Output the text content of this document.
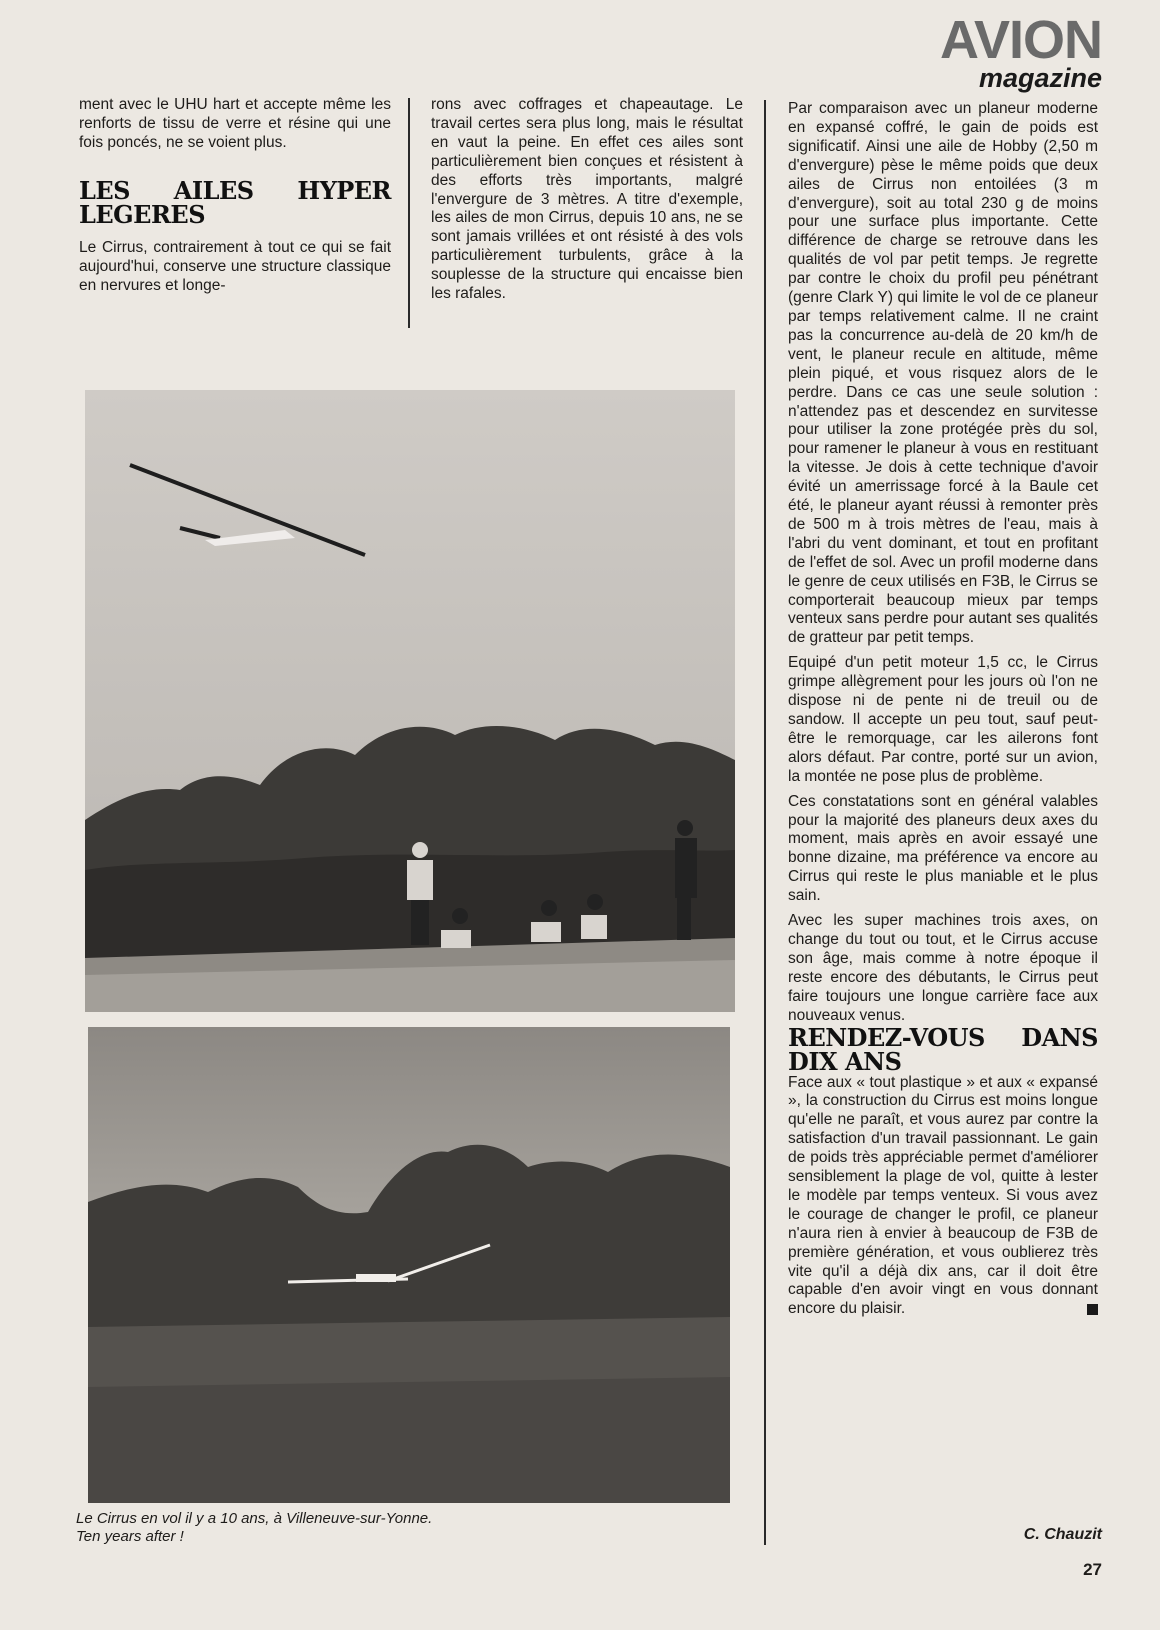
AVION
magazine

ment avec le UHU hart et accepte même les renforts de tissu de verre et résine qui une fois poncés, ne se voient plus.

LES AILES HYPER LEGERES

Le Cirrus, contrairement à tout ce qui se fait aujourd'hui, conserve une structure classique en nervures et longe-

rons avec coffrages et chapeautage. Le travail certes sera plus long, mais le résultat en vaut la peine. En effet ces ailes sont particulièrement bien conçues et résistent à des efforts très importants, malgré l'envergure de 3 mètres. A titre d'exemple, les ailes de mon Cirrus, depuis 10 ans, ne se sont jamais vrillées et ont résisté à des vols particulièrement turbulents, grâce à la souplesse de la structure qui encaisse bien les rafales.

Par comparaison avec un planeur moderne en expansé coffré, le gain de poids est significatif. Ainsi une aile de Hobby (2,50 m d'envergure) pèse le même poids que deux ailes de Cirrus non entoilées (3 m d'envergure), soit au total 230 g de moins pour une surface plus importante. Cette différence de charge se retrouve dans les qualités de vol par petit temps. Je regrette par contre le choix du profil peu pénétrant (genre Clark Y) qui limite le vol de ce planeur par temps relativement calme. Il ne craint pas la concurrence au-delà de 20 km/h de vent, le planeur recule en altitude, même plein piqué, et vous risquez alors de le perdre. Dans ce cas une seule solution : n'attendez pas et descendez en survitesse pour utiliser la zone protégée près du sol, pour ramener le planeur à vous en restituant la vitesse. Je dois à cette technique d'avoir évité un amerrissage forcé à la Baule cet été, le planeur ayant réussi à remonter près de 500 m à trois mètres de l'eau, mais à l'abri du vent dominant, et tout en profitant de l'effet de sol. Avec un profil moderne dans le genre de ceux utilisés en F3B, le Cirrus se comporterait beaucoup mieux par temps venteux sans perdre pour autant ses qualités de gratteur par petit temps.

Equipé d'un petit moteur 1,5 cc, le Cirrus grimpe allègrement pour les jours où l'on ne dispose ni de pente ni de treuil ou de sandow. Il accepte un peu tout, sauf peut-être le remorquage, car les ailerons font alors défaut. Par contre, porté sur un avion, la montée ne pose plus de problème.

Ces constatations sont en général valables pour la majorité des planeurs deux axes du moment, mais après en avoir essayé une bonne dizaine, ma préférence va encore au Cirrus qui reste le plus maniable et le plus sain.

Avec les super machines trois axes, on change du tout ou tout, et le Cirrus accuse son âge, mais comme à notre époque il reste encore des débutants, le Cirrus peut faire toujours une longue carrière face aux nouveaux venus.

RENDEZ-VOUS DANS DIX ANS

Face aux « tout plastique » et aux « expansé », la construction du Cirrus est moins longue qu'elle ne paraît, et vous aurez par contre la satisfaction d'un travail passionnant. Le gain de poids très appréciable permet d'améliorer sensiblement la plage de vol, quitte à lester le modèle par temps venteux. Si vous avez le courage de changer le profil, ce planeur n'aura rien à envier à beaucoup de F3B de première génération, et vous oublierez très vite qu'il a déjà dix ans, car il doit être capable d'en avoir vingt en vous donnant encore du plaisir.

Le Cirrus en vol il y a 10 ans, à Villeneuve-sur-Yonne.
Ten years after !	C. Chauzit
27
